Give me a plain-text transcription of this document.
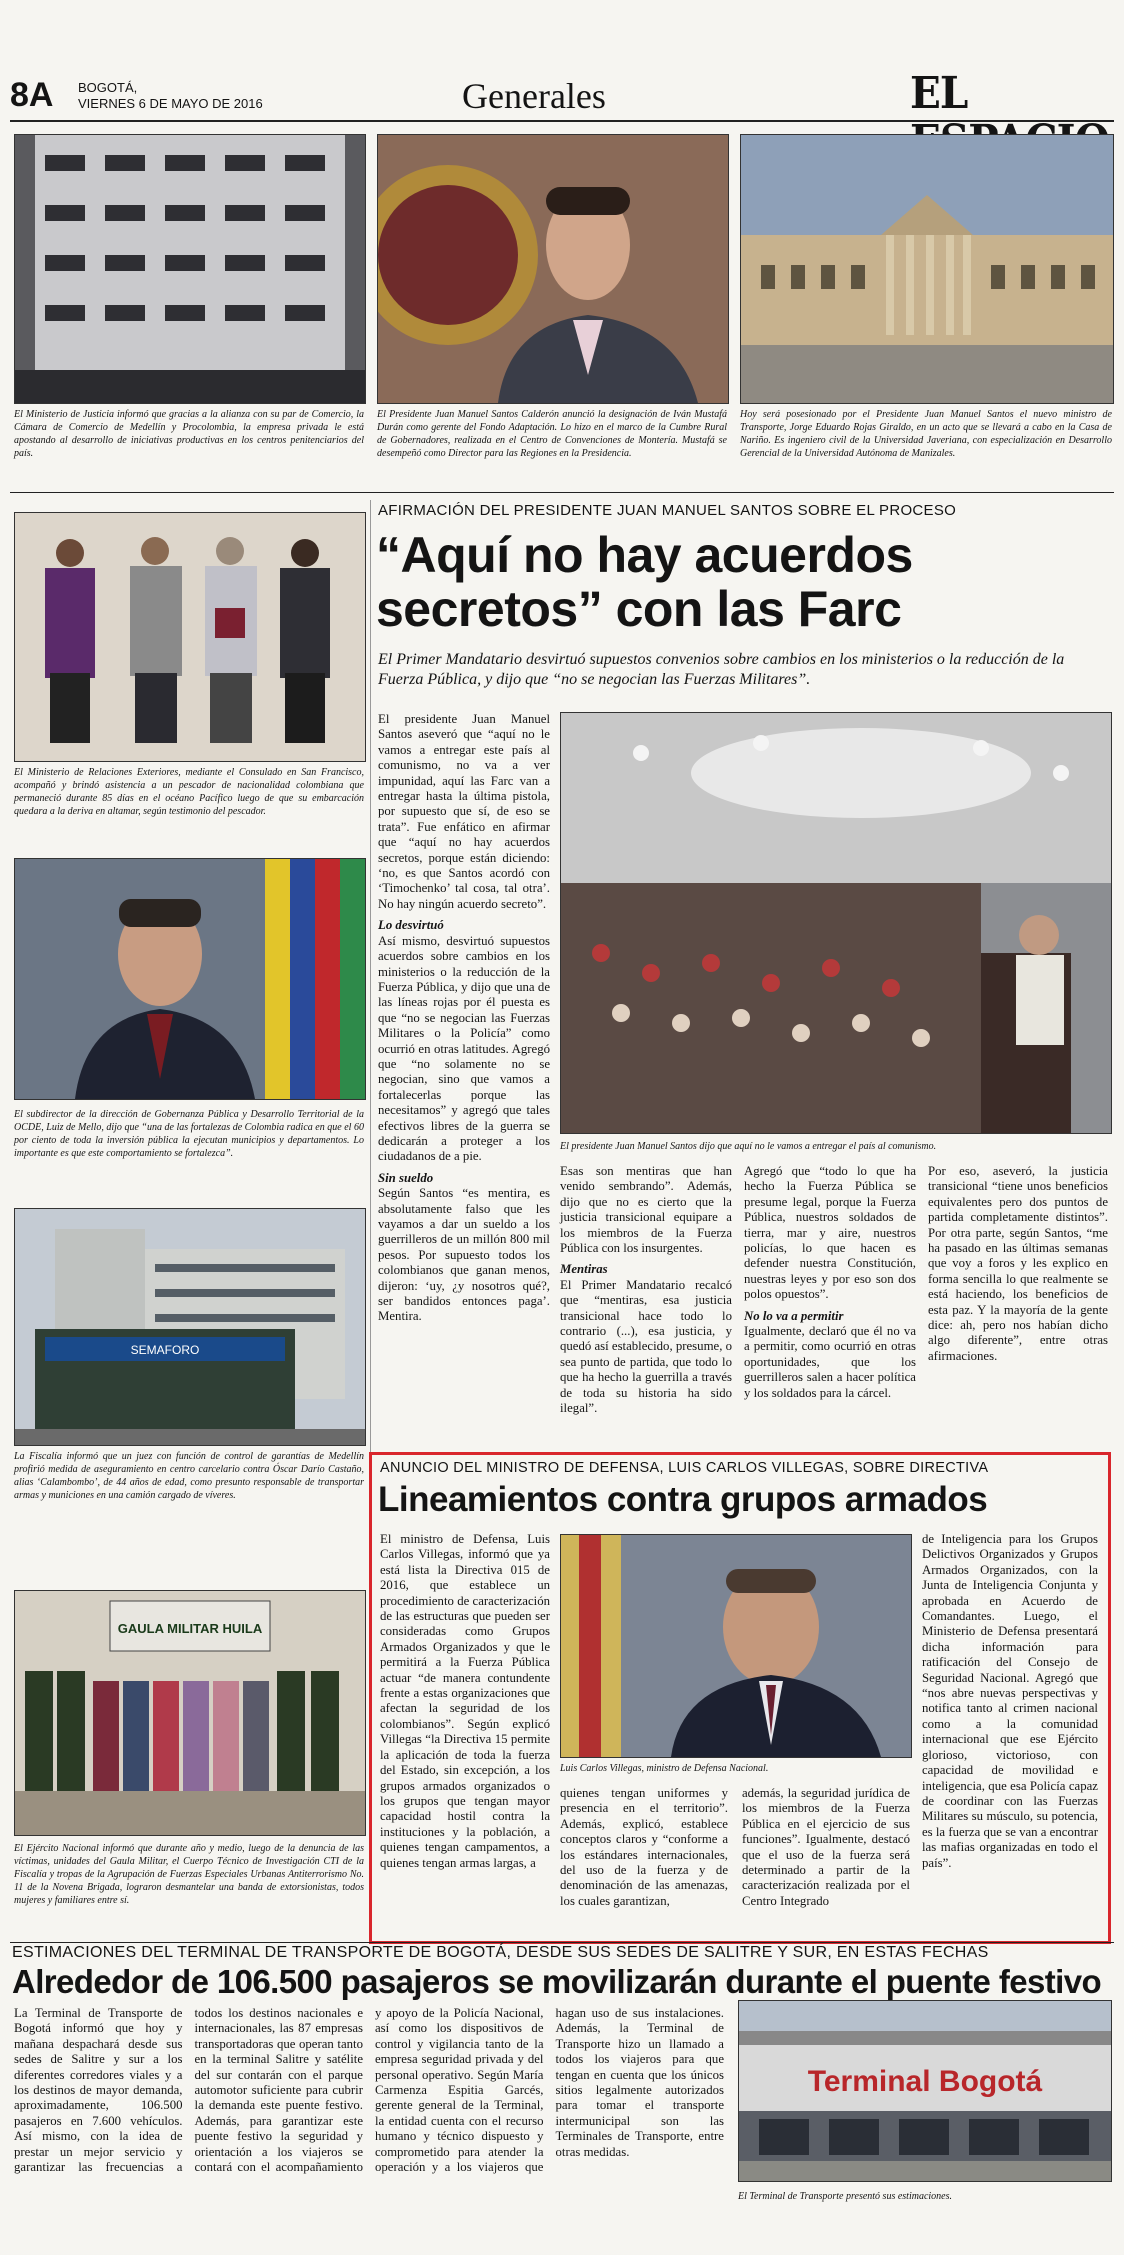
8A BOGOTÁ,
VIERNES 6 DE MAYO DE 2016	Generales	EL
El Ministerio de Justicia informó que gracias a la alianza con su par de Comercio, la Cámara de Comercio de Medellín y Procolombia, la empresa privada le está apostando al desarrollo de iniciativas productivas en los centros penitenciarios del país.
El Presidente Juan Manuel Santos Calderón anunció la designación de Iván Mustafá Durán como gerente del Fondo Adaptación. Lo hizo en el marco de la Cumbre Rural de Gobernadores, realizada en el Centro de Convenciones de Montería. Mustafá se desempeñó como Director para las Regiones en la Presidencia.
Hoy será posesionado por el Presidente Juan Manuel Santos el nuevo ministro de Transporte, Jorge Eduardo Rojas Giraldo, en un acto que se llevará a cabo en la Casa de Nariño. Es ingeniero civil de la Universidad Javeriana, con especialización en Desarrollo Gerencial de la Universidad Autónoma de Manizales.
El Ministerio de Relaciones Exteriores, mediante el Consulado en San Francisco, acompañó y brindó asistencia a un pescador de nacionalidad colombiana que permaneció durante 85 días en el océano Pacífico luego de que su embarcación quedara a la deriva en altamar, según testimonio del pescador.
El subdirector de la dirección de Gobernanza Pública y Desarrollo Territorial de la OCDE, Luiz de Mello, dijo que “una de las fortalezas de Colombia radica en que el 60 por ciento de toda la inversión pública la ejecutan municipios y departamentos. Lo importante es que este comportamiento se fortalezca”.
SEMAFORO
La Fiscalía informó que un juez con función de control de garantías de Medellín profirió medida de aseguramiento en centro carcelario contra Óscar Darío Castaño, alias ‘Calambombo’, de 44 años de edad, como presunto responsable de transportar armas y municiones en una camión cargado de víveres.
GAULA MILITAR HUILA
El Ejército Nacional informó que durante año y medio, luego de la denuncia de las víctimas, unidades del Gaula Militar, el Cuerpo Técnico de Investigación CTI de la Fiscalía y tropas de la Agrupación de Fuerzas Especiales Urbanas Antiterrorismo No. 11 de la Novena Brigada, lograron desmantelar una banda de extorsionistas, todos mujeres y familiares entre sí.
AFIRMACIÓN DEL PRESIDENTE JUAN MANUEL SANTOS SOBRE EL PROCESO
“Aquí no hay acuerdos secretos” con las Farc
El Primer Mandatario desvirtuó supuestos convenios sobre cambios en los ministerios o la reducción de la Fuerza Pública, y dijo que “no se negocian las Fuerzas Militares”.

El presidente Juan Manuel Santos aseveró que “aquí no le vamos a entregar este país al comunismo, no va a ver impunidad, aquí las Farc van a entregar hasta la última pistola, por supuesto que sí, de eso se trata”. Fue enfático en afirmar que “aquí no hay acuerdos secretos, porque están diciendo: ‘no, es que Santos acordó con ‘Timochenko’ tal cosa, tal otra’. No hay ningún acuerdo secreto”.

Lo desvirtuó

Así mismo, desvirtuó supuestos acuerdos sobre cambios en los ministerios o la reducción de la Fuerza Pública, y dijo que una de las líneas rojas por él puesta es que “no se negocian las Fuerzas Militares o la Policía” como ocurrió en otras latitudes. Agregó que “no solamente no se negocian, sino que vamos a fortalecerlas porque las necesitamos” y agregó que tales efectivos libres de la guerra se dedicarán a proteger a los ciudadanos de a pie.

Sin sueldo

Según Santos “es mentira, es absolutamente falso que les vayamos a dar un sueldo a los guerrilleros de un millón 800 mil pesos. Por supuesto todos los colombianos que ganan menos, dijeron: ‘uy, ¿y nosotros qué?, ser bandidos entonces paga’. Mentira.

El presidente Juan Manuel Santos dijo que aquí no le vamos a entregar el país al comunismo.

Esas son mentiras que han venido sembrando”. Además, dijo que no es cierto que la justicia transicional equipare a los miembros de la Fuerza Pública con los insurgentes.

Mentiras

El Primer Mandatario recalcó que “mentiras, esa justicia transicional hace todo lo contrario (...), esa justicia, y quedó así establecido, presume, o sea punto de partida, que todo lo que ha hecho la guerrilla a través de toda su historia ha sido ilegal”.

Agregó que “todo lo que ha hecho la Fuerza Pública se presume legal, porque la Fuerza Pública, nuestros soldados de tierra, mar y aire, nuestros policías, lo que hacen es defender nuestra Constitución, nuestras leyes y por eso son dos polos opuestos”.

No lo va a permitir

Igualmente, declaró que él no va a permitir, como ocurrió en otras oportunidades, que los guerrilleros salen a hacer política y los soldados para la cárcel.

Por eso, aseveró, la justicia transicional “tiene unos beneficios equivalentes pero dos puntos de partida completamente distintos”. Por otra parte, según Santos, “me ha pasado en las últimas semanas que voy a foros y les explico en forma sencilla lo que realmente se está haciendo, los beneficios de esta paz. Y la mayoría de la gente dice: ah, pero nos habían dicho algo diferente”, entre otras afirmaciones.

ANUNCIO DEL MINISTRO DE DEFENSA, LUIS CARLOS VILLEGAS, SOBRE DIRECTIVA
Lineamientos contra grupos armados

El ministro de Defensa, Luis Carlos Villegas, informó que ya está lista la Directiva 015 de 2016, que establece un procedimiento de caracterización de las estructuras que pueden ser consideradas como Grupos Armados Organizados y que le permitirá a la Fuerza Pública actuar “de manera contundente frente a estas organizaciones que afectan la seguridad de los colombianos”. Según explicó Villegas “la Directiva 15 permite la aplicación de toda la fuerza del Estado, sin excepción, a los grupos armados organizados o los grupos que tengan mayor capacidad hostil contra la instituciones y la población, a quienes tengan campamentos, a quienes tengan armas largas, a

Luis Carlos Villegas, ministro de Defensa Nacional.

quienes tengan uniformes y presencia en el territorio”. Además, explicó, establece conceptos claros y “conforme a los estándares internacionales, del uso de la fuerza y de denominación de las amenazas, los cuales garantizan,

además, la seguridad jurídica de los miembros de la Fuerza Pública en el ejercicio de sus funciones”. Igualmente, destacó que el uso de la fuerza será determinado a partir de la caracterización realizada por el Centro Integrado

de Inteligencia para los Grupos Delictivos Organizados y Grupos Armados Organizados, con la Junta de Inteligencia Conjunta y aprobada en Acuerdo de Comandantes. Luego, el Ministerio de Defensa presentará dicha información para ratificación del Consejo de Seguridad Nacional. Agregó que “nos abre nuevas perspectivas y notifica tanto al crimen nacional como a la comunidad internacional que ese Ejército glorioso, victorioso, con capacidad de movilidad e inteligencia, que esa Policía capaz de coordinar con las Fuerzas Militares su músculo, su potencia, es la fuerza que se van a encontrar las mafias organizadas en todo el país”.

ESTIMACIONES DEL TERMINAL DE TRANSPORTE DE BOGOTÁ, DESDE SUS SEDES DE SALITRE Y SUR, EN ESTAS FECHAS
Alrededor de 106.500 pasajeros se movilizarán durante el puente festivo
La Terminal de Transporte de Bogotá informó que hoy y mañana despachará desde sus sedes de Salitre y sur a los diferentes corredores viales y a los destinos de mayor demanda, aproximadamente, 106.500 pasajeros en 7.600 vehículos. Así mismo, con la idea de prestar un mejor servicio y garantizar las frecuencias a todos los destinos nacionales e internacionales, las 87 empresas transportadoras que operan tanto en la terminal Salitre y satélite del sur contarán con el parque automotor suficiente para cubrir la demanda este puente festivo. Además, para garantizar este puente festivo la seguridad y orientación a los viajeros se contará con el acompañamiento y apoyo de la Policía Nacional, así como los dispositivos de control y vigilancia tanto de la empresa seguridad privada y del personal operativo. Según María Carmenza Espitia Garcés, gerente general de la Terminal, la entidad cuenta con el recurso humano y técnico dispuesto y comprometido para atender la operación y a los viajeros que hagan uso de sus instalaciones. Además, la Terminal de Transporte hizo un llamado a todos los viajeros para que tengan en cuenta que los únicos sitios legalmente autorizados para tomar el transporte intermunicipal son las Terminales de Transporte, entre otras medidas.
Terminal Bogotá
El Terminal de Transporte presentó sus estimaciones.
